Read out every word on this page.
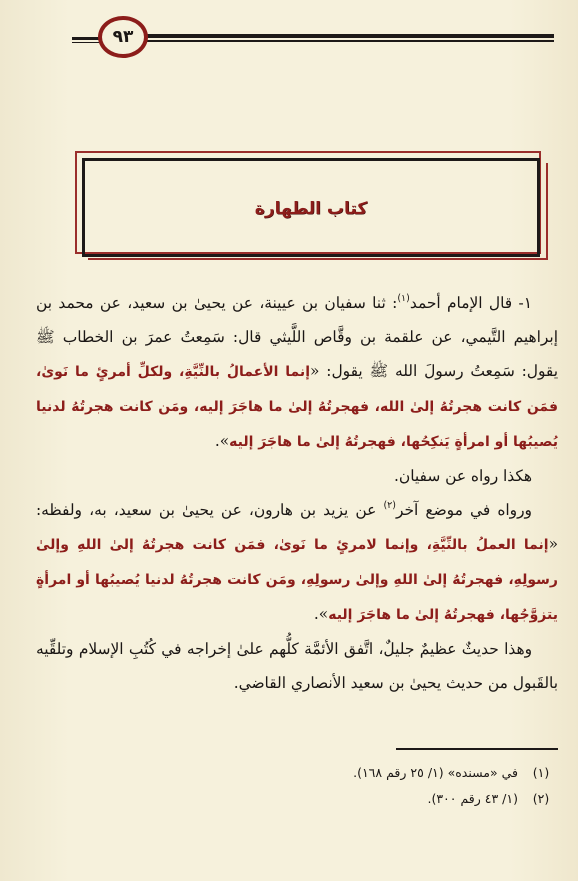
٩٣
كتاب الطهارة

١- قال الإمام أحمد$^{(١)}$: ثنا سفيان بن عيينة، عن يحيىٰ بن سعيد، عن محمد بن إبراهيم التَّيمي، عن علقمة بن وقَّاص اللَّيثي قال: سَمِعتُ عمرَ بن الخطاب ﷺ يقول: سَمِعتُ رسولَ الله ﷺ يقول: «إنما الأعمالُ بالنِّيَّةِ، ولكلِّ أمرئٍ ما نَوىٰ، فمَن كانت هجرتُهُ إلىٰ الله، فهجرتُهُ إلىٰ ما هاجَرَ إليه، ومَن كانت هجرتُهُ لدنيا يُصيبُها أو امرأةٍ يَنكِحُها، فهجرتُهُ إلىٰ ما هاجَرَ إليه».

هكذا رواه عن سفيان.

ورواه في موضع آخر$^{(٢)}$ عن يزيد بن هارون، عن يحيىٰ بن سعيد، به، ولفظه: «إنما العملُ بالنِّيَّةِ، وإنما لامرئٍ ما نَوىٰ، فمَن كانت هجرتُهُ إلىٰ اللهِ وإلىٰ رسولِهِ، فهجرتُهُ إلىٰ اللهِ وإلىٰ رسولِهِ، ومَن كانت هجرتُهُ لدنيا يُصيبُها أو امرأةٍ يتزوَّجُها، فهجرتُهُ إلىٰ ما هاجَرَ إليه».

وهذا حديثٌ عظيمٌ جليلٌ، اتَّفق الأئمَّة كلُّهم علىٰ إخراجه في كُتُبِ الإسلام وتلقِّيه بالقَبول من حديث يحيىٰ بن سعيد الأنصاري القاضي.

(١)
في «مسنده» (١/ ٢٥ رقم ١٦٨).
(٢)
(١/ ٤٣ رقم ٣٠٠).
